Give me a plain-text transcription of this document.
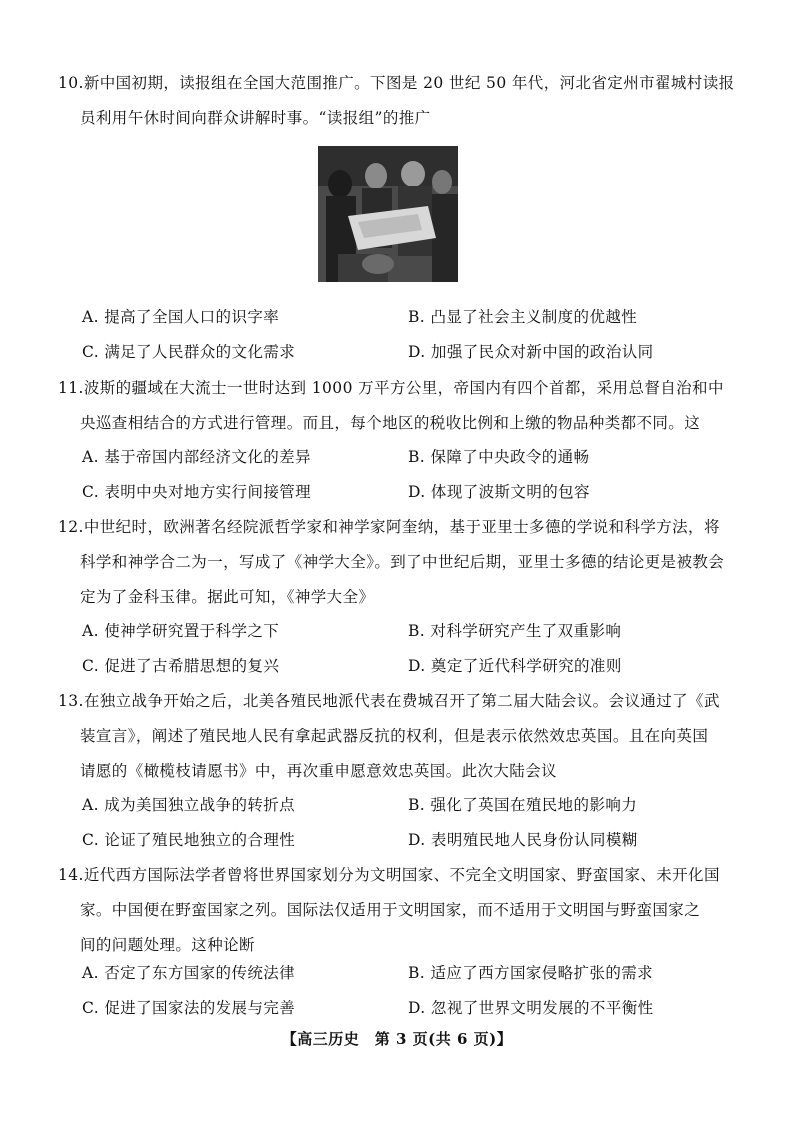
10.新中国初期，读报组在全国大范围推广。下图是 20 世纪 50 年代，河北省定州市翟城村读报
员利用午休时间向群众讲解时事。“读报组”的推广
A. 提高了全国人口的识字率	B. 凸显了社会主义制度的优越性
C. 满足了人民群众的文化需求	D. 加强了民众对新中国的政治认同
11.波斯的疆域在大流士一世时达到 1000 万平方公里，帝国内有四个首都，采用总督自治和中
央巡查相结合的方式进行管理。而且，每个地区的税收比例和上缴的物品种类都不同。这
A. 基于帝国内部经济文化的差异	B. 保障了中央政令的通畅
C. 表明中央对地方实行间接管理	D. 体现了波斯文明的包容
12.中世纪时，欧洲著名经院派哲学家和神学家阿奎纳，基于亚里士多德的学说和科学方法，将
科学和神学合二为一，写成了《神学大全》。到了中世纪后期，亚里士多德的结论更是被教会
定为了金科玉律。据此可知，《神学大全》
A. 使神学研究置于科学之下	B. 对科学研究产生了双重影响
C. 促进了古希腊思想的复兴	D. 奠定了近代科学研究的准则
13.在独立战争开始之后，北美各殖民地派代表在费城召开了第二届大陆会议。会议通过了《武
装宣言》，阐述了殖民地人民有拿起武器反抗的权利，但是表示依然效忠英国。且在向英国
请愿的《橄榄枝请愿书》中，再次重申愿意效忠英国。此次大陆会议
A. 成为美国独立战争的转折点	B. 强化了英国在殖民地的影响力
C. 论证了殖民地独立的合理性	D. 表明殖民地人民身份认同模糊
14.近代西方国际法学者曾将世界国家划分为文明国家、不完全文明国家、野蛮国家、未开化国
家。中国便在野蛮国家之列。国际法仅适用于文明国家，而不适用于文明国与野蛮国家之
间的问题处理。这种论断
A. 否定了东方国家的传统法律	B. 适应了西方国家侵略扩张的需求
C. 促进了国家法的发展与完善	D. 忽视了世界文明发展的不平衡性
【高三历史　第 3 页(共 6 页)】
